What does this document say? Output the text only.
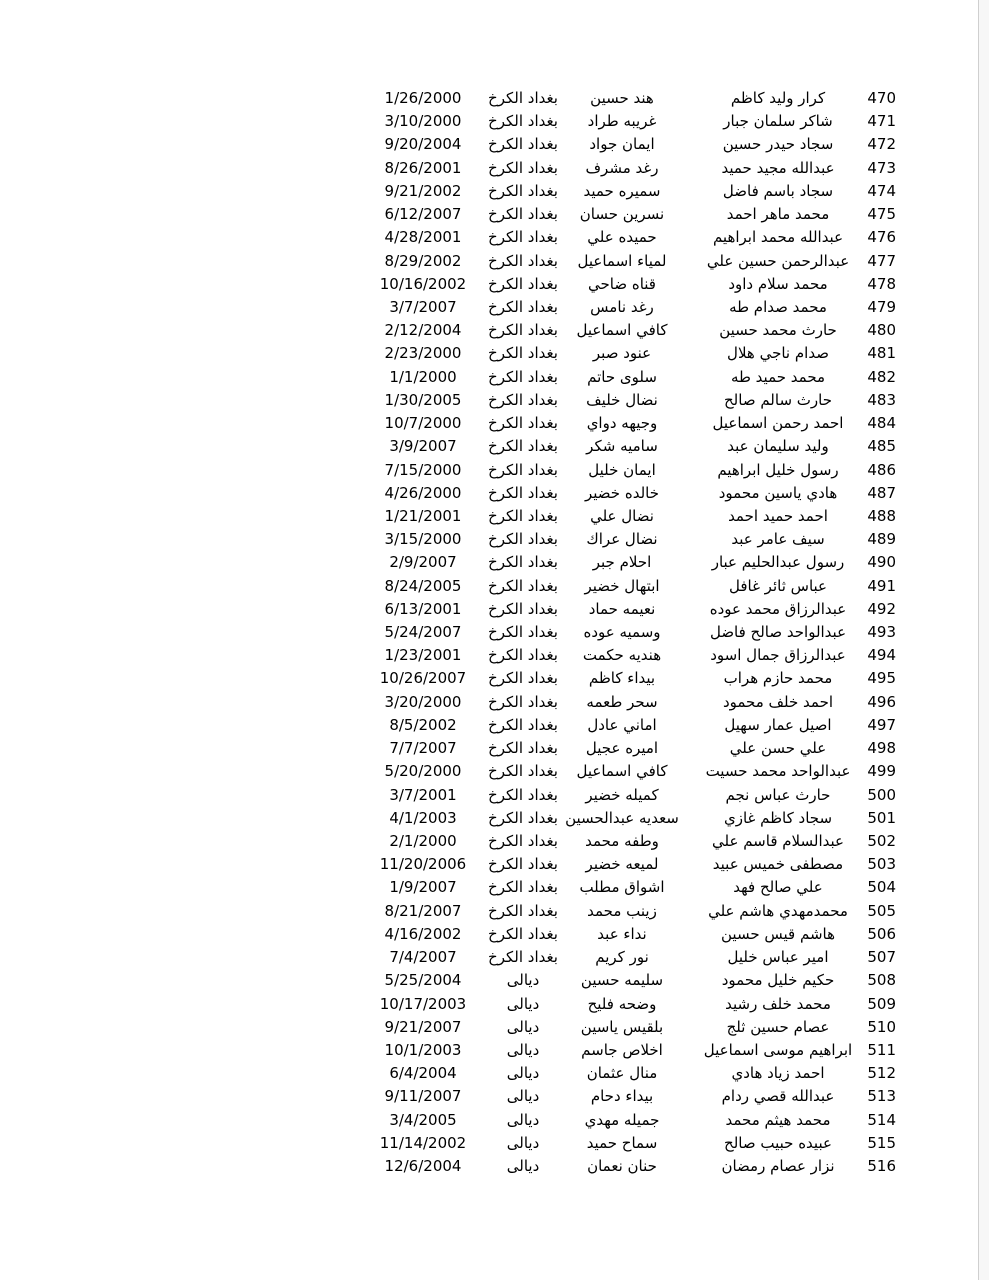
470
كرار وليد كاظم
هند حسين
بغداد الكرخ
1/26/2000
471
شاكر سلمان جبار
غريبه طراد
بغداد الكرخ
3/10/2000
472
سجاد حيدر حسين
ايمان جواد
بغداد الكرخ
9/20/2004
473
عبدالله مجيد حميد
رغد مشرف
بغداد الكرخ
8/26/2001
474
سجاد باسم فاضل
سميره حميد
بغداد الكرخ
9/21/2002
475
محمد ماهر احمد
نسرين حسان
بغداد الكرخ
6/12/2007
476
عبدالله محمد ابراهيم
حميده علي
بغداد الكرخ
4/28/2001
477
عبدالرحمن حسين علي
لمياء اسماعيل
بغداد الكرخ
8/29/2002
478
محمد سلام داود
قناه ضاحي
بغداد الكرخ
10/16/2002
479
محمد صدام طه
رغد نامس
بغداد الكرخ
3/7/2007
480
حارث محمد حسين
كافي اسماعيل
بغداد الكرخ
2/12/2004
481
صدام ناجي هلال
عنود صبر
بغداد الكرخ
2/23/2000
482
محمد حميد طه
سلوى حاتم
بغداد الكرخ
1/1/2000
483
حارث سالم صالح
نضال خليف
بغداد الكرخ
1/30/2005
484
احمد رحمن اسماعيل
وجيهه دواي
بغداد الكرخ
10/7/2000
485
وليد سليمان عبد
ساميه شكر
بغداد الكرخ
3/9/2007
486
رسول خليل ابراهيم
ايمان خليل
بغداد الكرخ
7/15/2000
487
هادي ياسين محمود
خالده خضير
بغداد الكرخ
4/26/2000
488
احمد حميد احمد
نضال علي
بغداد الكرخ
1/21/2001
489
سيف عامر عبد
نضال عراك
بغداد الكرخ
3/15/2000
490
رسول عبدالحليم عبار
احلام جبر
بغداد الكرخ
2/9/2007
491
عباس ثائر غافل
ابتهال خضير
بغداد الكرخ
8/24/2005
492
عبدالرزاق محمد عوده
نعيمه حماد
بغداد الكرخ
6/13/2001
493
عبدالواحد صالح فاضل
وسميه عوده
بغداد الكرخ
5/24/2007
494
عبدالرزاق جمال اسود
هنديه حكمت
بغداد الكرخ
1/23/2001
495
محمد حازم هراب
بيداء كاظم
بغداد الكرخ
10/26/2007
496
احمد خلف محمود
سحر طعمه
بغداد الكرخ
3/20/2000
497
اصيل عمار سهيل
اماني عادل
بغداد الكرخ
8/5/2002
498
علي حسن علي
اميره عجيل
بغداد الكرخ
7/7/2007
499
عبدالواحد محمد حسيت
كافي اسماعيل
بغداد الكرخ
5/20/2000
500
حارث عباس نجم
كميله خضير
بغداد الكرخ
3/7/2001
501
سجاد كاظم غازي
سعديه عبدالحسين
بغداد الكرخ
4/1/2003
502
عبدالسلام قاسم علي
وطفه محمد
بغداد الكرخ
2/1/2000
503
مصطفى خميس عبيد
لميعه خضير
بغداد الكرخ
11/20/2006
504
علي صالح فهد
اشواق مطلب
بغداد الكرخ
1/9/2007
505
محمدمهدي هاشم علي
زينب محمد
بغداد الكرخ
8/21/2007
506
هاشم قيس حسين
نداء عبد
بغداد الكرخ
4/16/2002
507
امير عباس خليل
نور كريم
بغداد الكرخ
7/4/2007
508
حكيم خليل محمود
سليمه حسين
ديالى
5/25/2004
509
محمد خلف رشيد
وضحه فليح
ديالى
10/17/2003
510
عصام حسين ثلج
بلقيس ياسين
ديالى
9/21/2007
511
ابراهيم موسى اسماعيل
اخلاص جاسم
ديالى
10/1/2003
512
احمد زياد هادي
منال عثمان
ديالى
6/4/2004
513
عبدالله قصي ردام
بيداء دحام
ديالى
9/11/2007
514
محمد هيثم محمد
جميله مهدي
ديالى
3/4/2005
515
عبيده حبيب صالح
سماح حميد
ديالى
11/14/2002
516
نزار عصام رمضان
حنان نعمان
ديالى
12/6/2004
